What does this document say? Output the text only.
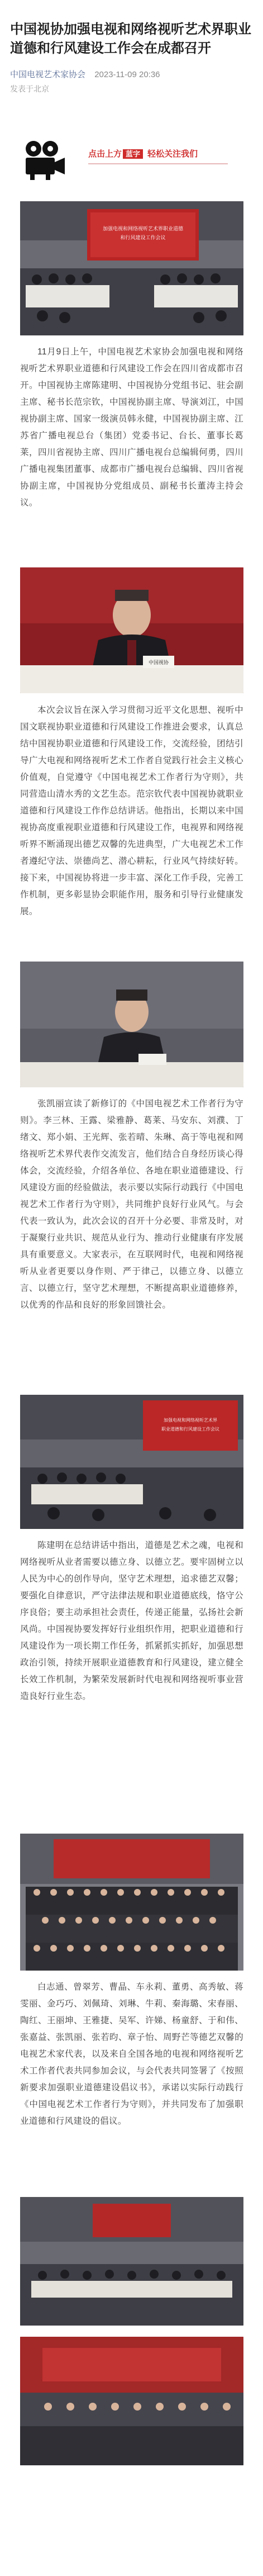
中国视协加强电视和网络视听艺术界职业道德和行风建设工作会在成都召开
中国电视艺术家协会 2023-11-09 20:36
发表于北京
点击上方 蓝字 轻松关注我们
加强电视和网络视听艺术界职业道德
和行风建设工作会议
11月9日上午，中国电视艺术家协会加强电视和网络视听艺术界职业道德和行风建设工作会在四川省成都市召开。中国视协主席陈建明、中国视协分党组书记、驻会副主席、秘书长范宗钦，中国视协副主席、导演刘江，中国视协副主席、国家一级演员韩永健，中国视协副主席、江苏省广播电视总台（集团）党委书记、台长、董事长葛莱，四川省视协主席、四川广播电视台总编辑何勇，四川广播电视集团董事、成都市广播电视台总编辑、四川省视协副主席，中国视协分党组成员、副秘书长董涛主持会议。
中国视协
本次会议旨在深入学习贯彻习近平文化思想、视听中国文联视协职业道德和行风建设工作推进会要求，认真总结中国视协职业道德和行风建设工作，交流经验，团结引导广大电视和网络视听艺术工作者自觉践行社会主义核心价值观，自觉遵守《中国电视艺术工作者行为守则》，共同营造山清水秀的文艺生态。范宗钦代表中国视协就职业道德和行风建设工作作总结讲话。他指出，长期以来中国视协高度重视职业道德和行风建设工作，电视界和网络视听界不断涌现出德艺双馨的先进典型，广大电视艺术工作者遵纪守法、崇德尚艺、潜心耕耘，行业风气持续好转。接下来，中国视协将进一步丰富、深化工作手段，完善工作机制，更多彰显协会职能作用，服务和引导行业健康发展。
张凯丽宣读了新修订的《中国电视艺术工作者行为守则》。李三林、王露、梁雅静、葛莱、马安东、刘濮、丁绪文、郑小娟、王光辉、张若晴、朱琳、高于等电视和网络视听艺术界代表作交流发言，他们结合自身经历谈心得体会，交流经验，介绍各单位、各地在职业道德建设、行风建设方面的经验做法，表示要以实际行动践行《中国电视艺术工作者行为守则》，共同维护良好行业风气。与会代表一致认为，此次会议的召开十分必要、非常及时，对于凝聚行业共识、规范从业行为、推动行业健康有序发展具有重要意义。大家表示，在互联网时代，电视和网络视听从业者更要以身作则、严于律己，以德立身、以德立言、以德立行，坚守艺术理想，不断提高职业道德修养，以优秀的作品和良好的形象回馈社会。
加强电视和网络视听艺术界
职业道德和行风建设工作会议
陈建明在总结讲话中指出，道德是艺术之魂，电视和网络视听从业者需要以德立身、以德立艺。要牢固树立以人民为中心的创作导向，坚守艺术理想，追求德艺双馨；要强化自律意识，严守法律法规和职业道德底线，恪守公序良俗；要主动承担社会责任，传递正能量，弘扬社会新风尚。中国视协要发挥好行业组织作用，把职业道德和行风建设作为一项长期工作任务，抓紧抓实抓好，加强思想政治引领，持续开展职业道德教育和行风建设，建立健全长效工作机制，为繁荣发展新时代电视和网络视听事业营造良好行业生态。
白志通、曾翠芳、曹晶、车永莉、董勇、高秀敏、蒋雯丽、金巧巧、刘佩琦、刘琳、牛莉、秦海璐、宋春丽、陶红、王丽坤、王雅捷、吴军、许娣、杨童舒、于和伟、张嘉益、张凯丽、张若昀、章子怡、周野芒等德艺双馨的电视艺术家代表，以及来自全国各地的电视和网络视听艺术工作者代表共同参加会议，与会代表共同签署了《按照新要求加强职业道德建设倡议书》，承诺以实际行动践行《中国电视艺术工作者行为守则》，并共同发布了加强职业道德和行风建设的倡议。
